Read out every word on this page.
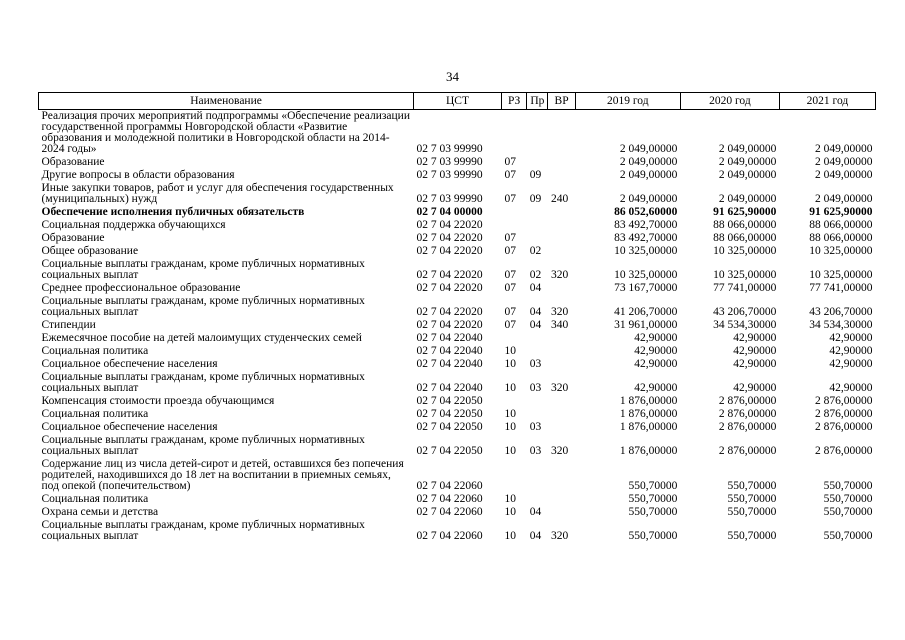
34
Наименование	ЦСТ	РЗ	Пр	ВР	2019 год	2020 год	2021 год
Реализация прочих мероприятий подпрограммы «Обеспечение реализации государственной программы Новгородской области «Развитие образования и молодежной политики в Новгородской области на 2014-2024 годы»	02 7 03 99990				2 049,00000	2 049,00000	2 049,00000
Образование	02 7 03 99990	07			2 049,00000	2 049,00000	2 049,00000
Другие вопросы в области образования	02 7 03 99990	07	09		2 049,00000	2 049,00000	2 049,00000
Иные закупки товаров, работ и услуг для обеспечения государственных (муниципальных) нужд	02 7 03 99990	07	09	240	2 049,00000	2 049,00000	2 049,00000
Обеспечение исполнения публичных обязательств	02 7 04 00000				86 052,60000	91 625,90000	91 625,90000
Социальная поддержка обучающихся	02 7 04 22020				83 492,70000	88 066,00000	88 066,00000
Образование	02 7 04 22020	07			83 492,70000	88 066,00000	88 066,00000
Общее образование	02 7 04 22020	07	02		10 325,00000	10 325,00000	10 325,00000
Социальные выплаты гражданам, кроме публичных нормативных социальных выплат	02 7 04 22020	07	02	320	10 325,00000	10 325,00000	10 325,00000
Среднее профессиональное образование	02 7 04 22020	07	04		73 167,70000	77 741,00000	77 741,00000
Социальные выплаты гражданам, кроме публичных нормативных социальных выплат	02 7 04 22020	07	04	320	41 206,70000	43 206,70000	43 206,70000
Стипендии	02 7 04 22020	07	04	340	31 961,00000	34 534,30000	34 534,30000
Ежемесячное пособие на детей малоимущих студенческих семей	02 7 04 22040				42,90000	42,90000	42,90000
Социальная политика	02 7 04 22040	10			42,90000	42,90000	42,90000
Социальное обеспечение населения	02 7 04 22040	10	03		42,90000	42,90000	42,90000
Социальные выплаты гражданам, кроме публичных нормативных социальных выплат	02 7 04 22040	10	03	320	42,90000	42,90000	42,90000
Компенсация стоимости проезда обучающимся	02 7 04 22050				1 876,00000	2 876,00000	2 876,00000
Социальная политика	02 7 04 22050	10			1 876,00000	2 876,00000	2 876,00000
Социальное обеспечение населения	02 7 04 22050	10	03		1 876,00000	2 876,00000	2 876,00000
Социальные выплаты гражданам, кроме публичных нормативных социальных выплат	02 7 04 22050	10	03	320	1 876,00000	2 876,00000	2 876,00000
Содержание лиц из числа детей-сирот и детей, оставшихся без попечения родителей, находившихся до 18 лет на воспитании в приемных семьях, под опекой (попечительством)	02 7 04 22060				550,70000	550,70000	550,70000
Социальная политика	02 7 04 22060	10			550,70000	550,70000	550,70000
Охрана семьи и детства	02 7 04 22060	10	04		550,70000	550,70000	550,70000
Социальные выплаты гражданам, кроме публичных нормативных социальных выплат	02 7 04 22060	10	04	320	550,70000	550,70000	550,70000
